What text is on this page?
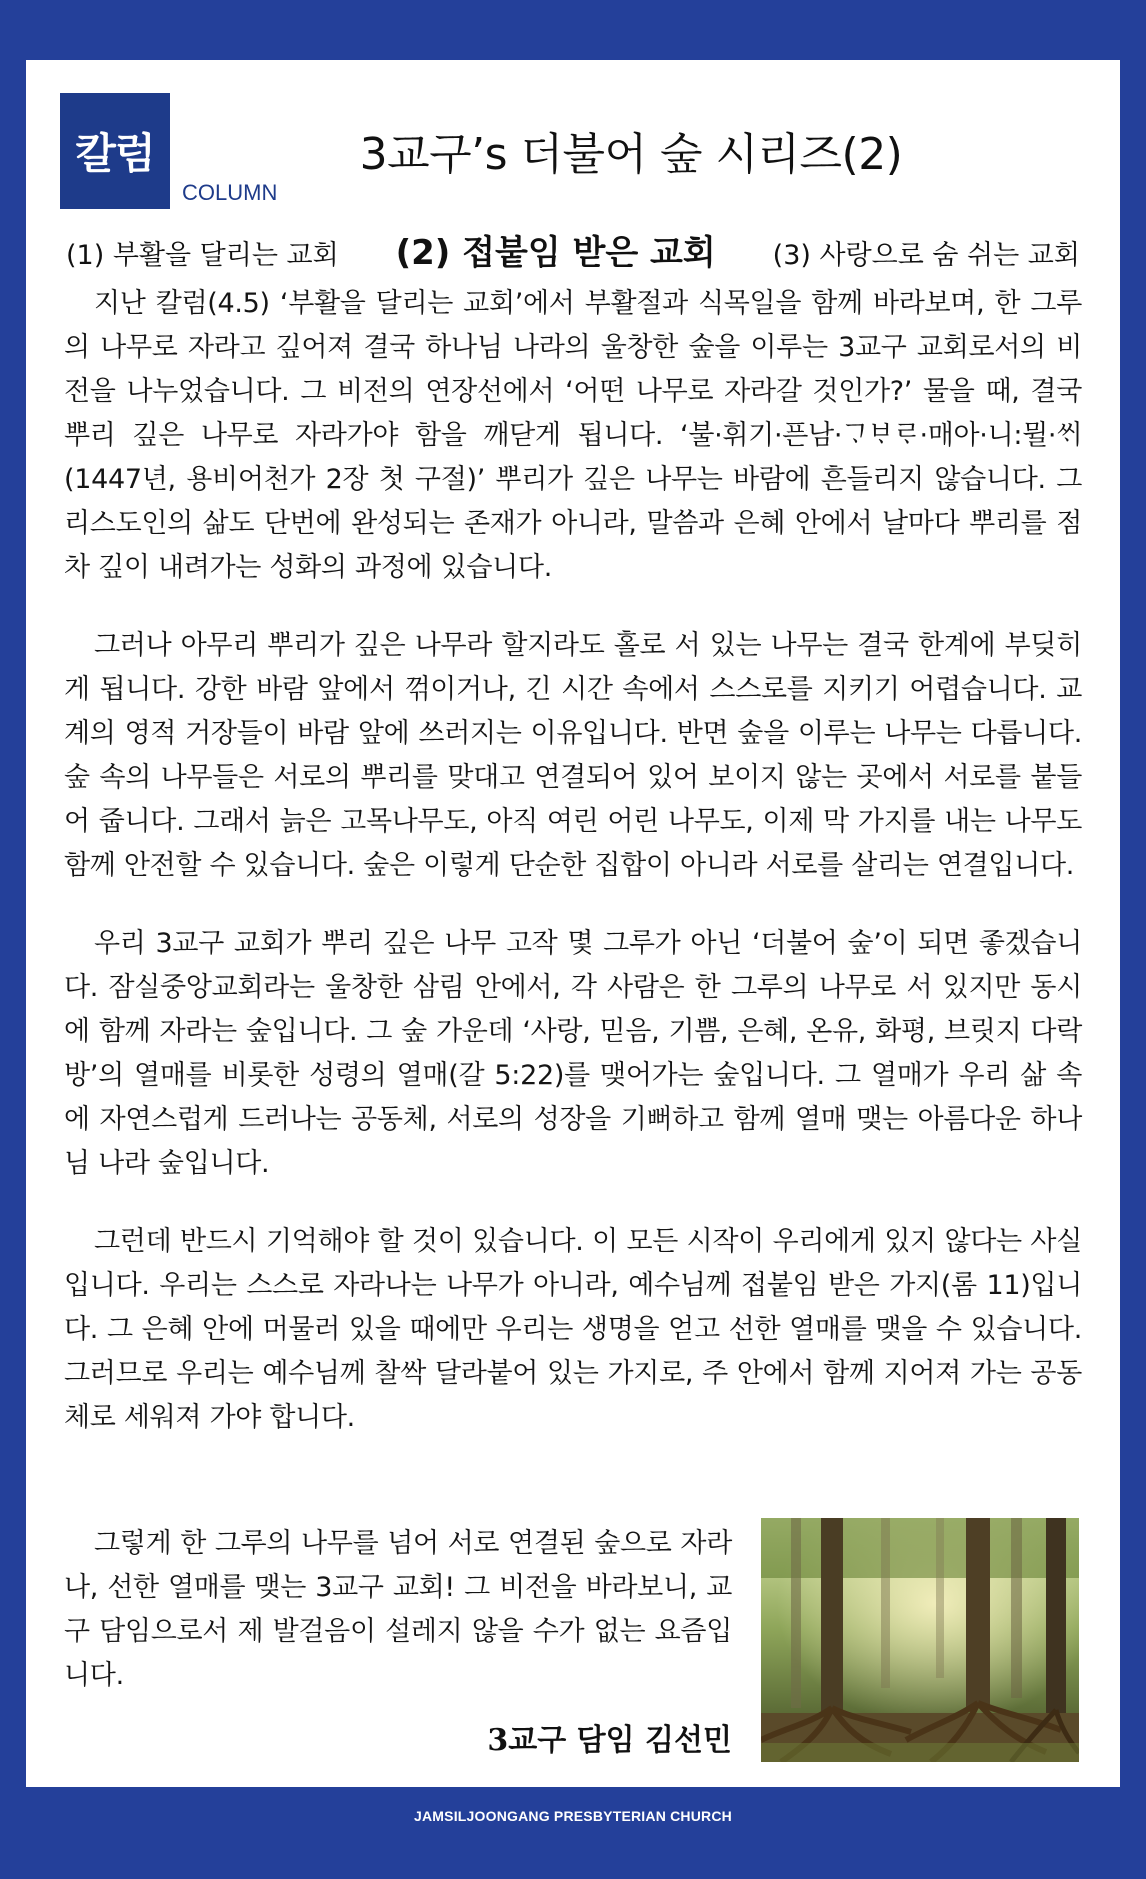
칼럼
COLUMN
3교구’s 더불어 숲 시리즈(2)
(1) 부활을 달리는 교회 (2) 접붙임 받은 교회 (3) 사랑으로 숨 쉬는 교회

지난 칼럼(4.5) ‘부활을 달리는 교회’에서 부활절과 식목일을 함께 바라보며, 한 그루의 나무로 자라고 깊어져 결국 하나님 나라의 울창한 숲을 이루는 3교구 교회로서의 비전을 나누었습니다. 그 비전의 연장선에서 ‘어떤 나무로 자라갈 것인가?’ 물을 때, 결국 뿌리 깊은 나무로 자라가야 함을 깨닫게 됩니다. ‘불·휘기·픈남·ᄀᆞᄇᆞᄅᆞ·매아·니:뮐·ᄊᆡ(1447년, 용비어천가 2장 첫 구절)’ 뿌리가 깊은 나무는 바람에 흔들리지 않습니다. 그리스도인의 삶도 단번에 완성되는 존재가 아니라, 말씀과 은혜 안에서 날마다 뿌리를 점차 깊이 내려가는 성화의 과정에 있습니다.

그러나 아무리 뿌리가 깊은 나무라 할지라도 홀로 서 있는 나무는 결국 한계에 부딪히게 됩니다. 강한 바람 앞에서 꺾이거나, 긴 시간 속에서 스스로를 지키기 어렵습니다. 교계의 영적 거장들이 바람 앞에 쓰러지는 이유입니다. 반면 숲을 이루는 나무는 다릅니다. 숲 속의 나무들은 서로의 뿌리를 맞대고 연결되어 있어 보이지 않는 곳에서 서로를 붙들어 줍니다. 그래서 늙은 고목나무도, 아직 여린 어린 나무도, 이제 막 가지를 내는 나무도 함께 안전할 수 있습니다. 숲은 이렇게 단순한 집합이 아니라 서로를 살리는 연결입니다.

우리 3교구 교회가 뿌리 깊은 나무 고작 몇 그루가 아닌 ‘더불어 숲’이 되면 좋겠습니다. 잠실중앙교회라는 울창한 삼림 안에서, 각 사람은 한 그루의 나무로 서 있지만 동시에 함께 자라는 숲입니다. 그 숲 가운데 ‘사랑, 믿음, 기쁨, 은혜, 온유, 화평, 브릿지 다락방’의 열매를 비롯한 성령의 열매(갈 5:22)를 맺어가는 숲입니다. 그 열매가 우리 삶 속에 자연스럽게 드러나는 공동체, 서로의 성장을 기뻐하고 함께 열매 맺는 아름다운 하나님 나라 숲입니다.

그런데 반드시 기억해야 할 것이 있습니다. 이 모든 시작이 우리에게 있지 않다는 사실입니다. 우리는 스스로 자라나는 나무가 아니라, 예수님께 접붙임 받은 가지(롬 11)입니다. 그 은혜 안에 머물러 있을 때에만 우리는 생명을 얻고 선한 열매를 맺을 수 있습니다. 그러므로 우리는 예수님께 찰싹 달라붙어 있는 가지로, 주 안에서 함께 지어져 가는 공동체로 세워져 가야 합니다.

그렇게 한 그루의 나무를 넘어 서로 연결된 숲으로 자라나, 선한 열매를 맺는 3교구 교회! 그 비전을 바라보니, 교구 담임으로서 제 발걸음이 설레지 않을 수가 없는 요즘입니다.

3교구 담임 김선민
JAMSILJOONGANG PRESBYTERIAN CHURCH
